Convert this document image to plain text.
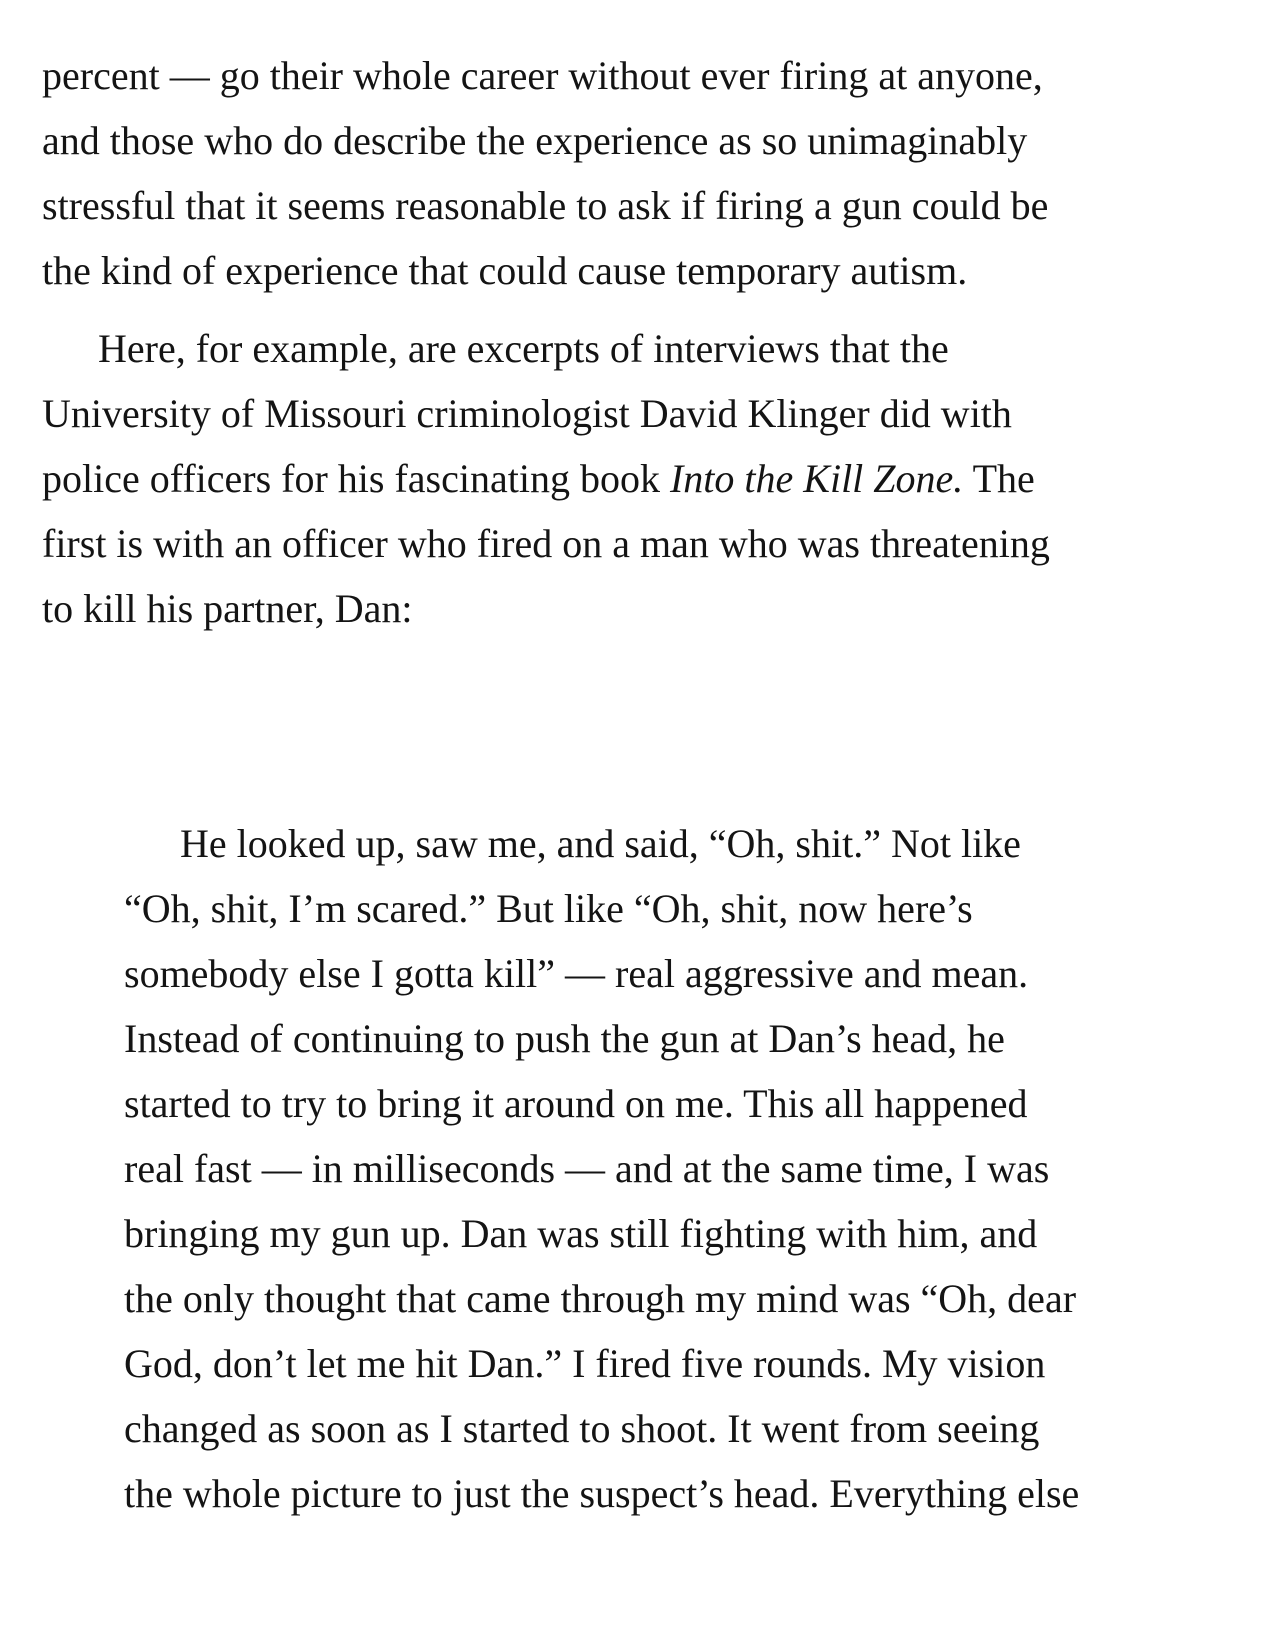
percent — go their whole career without ever firing at anyone,
and those who do describe the experience as so unimaginably
stressful that it seems reasonable to ask if firing a gun could be
the kind of experience that could cause temporary autism.
Here, for example, are excerpts of interviews that the
University of Missouri criminologist David Klinger did with
police officers for his fascinating book Into the Kill Zone. The
first is with an officer who fired on a man who was threatening
to kill his partner, Dan:
He looked up, saw me, and said, “Oh, shit.” Not like
“Oh, shit, I’m scared.” But like “Oh, shit, now here’s
somebody else I gotta kill” — real aggressive and mean.
Instead of continuing to push the gun at Dan’s head, he
started to try to bring it around on me. This all happened
real fast — in milliseconds — and at the same time, I was
bringing my gun up. Dan was still fighting with him, and
the only thought that came through my mind was “Oh, dear
God, don’t let me hit Dan.” I fired five rounds. My vision
changed as soon as I started to shoot. It went from seeing
the whole picture to just the suspect’s head. Everything else
